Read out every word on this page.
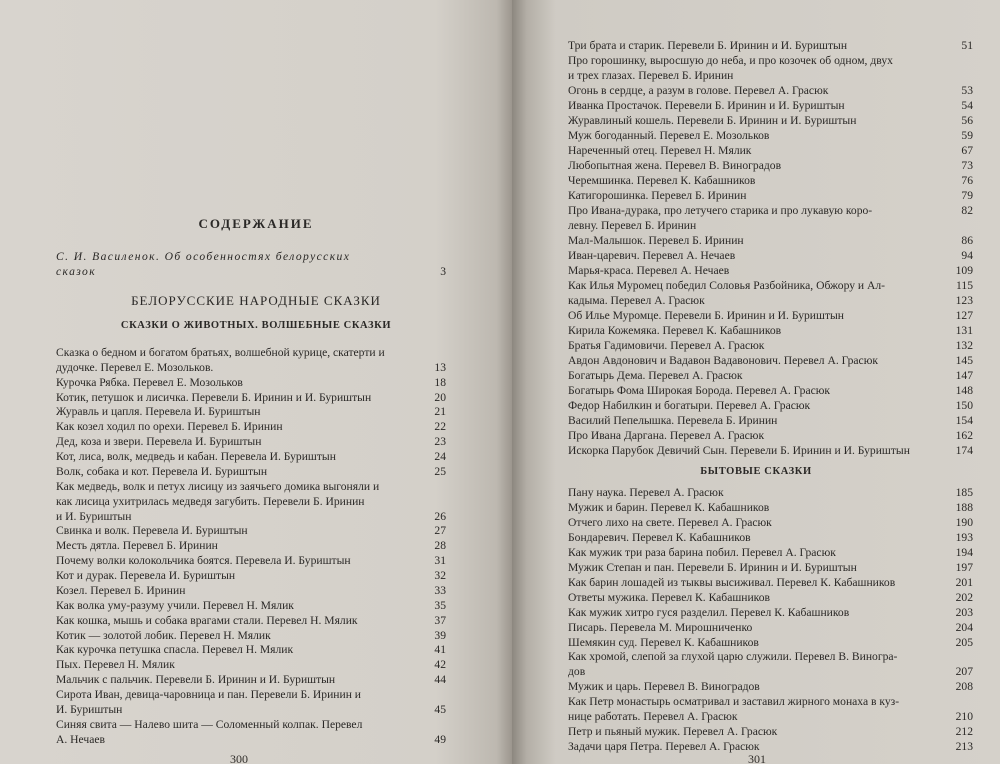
СОДЕРЖАНИЕ
С. И. Василенок. Об особенностях белорусских
сказок	3
БЕЛОРУССКИЕ НАРОДНЫЕ СКАЗКИ
СКАЗКИ О ЖИВОТНЫХ. ВОЛШЕБНЫЕ СКАЗКИ
Сказка о бедном и богатом братьях, волшебной курице, скатерти и
дудочке. Перевел Е. Мозольков.	13
Курочка Рябка. Перевел Е. Мозольков	18
Котик, петушок и лисичка. Перевели Б. Иринин и И. Буриштын	20
Журавль и цапля. Перевела И. Буриштын	21
Как козел ходил по орехи. Перевел Б. Иринин	22
Дед, коза и звери. Перевела И. Буриштын	23
Кот, лиса, волк, медведь и кабан. Перевела И. Буриштын	24
Волк, собака и кот. Перевела И. Буриштын	25
Как медведь, волк и петух лисицу из заячьего домика выгоняли и
как лисица ухитрилась медведя загубить. Перевели Б. Иринин
и И. Буриштын	26
Свинка и волк. Перевела И. Буриштын	27
Месть дятла. Перевел Б. Иринин	28
Почему волки колокольчика боятся. Перевела И. Буриштын	31
Кот и дурак. Перевела И. Буриштын	32
Козел. Перевел Б. Иринин	33
Как волка уму-разуму учили. Перевел Н. Мялик	35
Как кошка, мышь и собака врагами стали. Перевел Н. Мялик	37
Котик — золотой лобик. Перевел Н. Мялик	39
Как курочка петушка спасла. Перевел Н. Мялик	41
Пых. Перевел Н. Мялик	42
Мальчик с пальчик. Перевели Б. Иринин и И. Буриштын	44
Сирота Иван, девица-чаровница и пан. Перевели Б. Иринин и
И. Буриштын	45
Синяя свита — Налево шита — Соломенный колпак. Перевел
А. Нечаев	49
300
Три брата и старик. Перевели Б. Иринин и И. Буриштын	51
Про горошинку, выросшую до неба, и про козочек об одном, двух
и трех глазах. Перевел Б. Иринин
Огонь в сердце, а разум в голове. Перевел А. Грасюк	53
Иванка Простачок. Перевели Б. Иринин и И. Буриштын	54
Журавлиный кошель. Перевели Б. Иринин и И. Буриштын	56
Муж богоданный. Перевел Е. Мозольков	59
Нареченный отец. Перевел Н. Мялик	67
Любопытная жена. Перевел В. Виноградов	73
Черемшинка. Перевел К. Кабашников	76
Катигорошинка. Перевел Б. Иринин	79
Про Ивана-дурака, про летучего старика и про лукавую коро-	82
левну. Перевел Б. Иринин
Мал-Малышок. Перевел Б. Иринин	86
Иван-царевич. Перевел А. Нечаев	94
Марья-краса. Перевел А. Нечаев	109
Как Илья Муромец победил Соловья Разбойника, Обжору и Ал-	115
кадыма. Перевел А. Грасюк	123
Об Илье Муромце. Перевели Б. Иринин и И. Буриштын	127
Кирила Кожемяка. Перевел К. Кабашников	131
Братья Гадимовичи. Перевел А. Грасюк	132
Авдон Авдонович и Вадавон Вадавонович. Перевел А. Грасюк	145
Богатырь Дема. Перевел А. Грасюк	147
Богатырь Фома Широкая Борода. Перевел А. Грасюк	148
Федор Набилкин и богатыри. Перевел А. Грасюк	150
Василий Пепелышка. Перевела Б. Иринин	154
Про Ивана Даргана. Перевел А. Грасюк	162
Искорка Парубок Девичий Сын. Перевели Б. Иринин и И. Буриштын	174
БЫТОВЫЕ СКАЗКИ
Пану наука. Перевел А. Грасюк	185
Мужик и барин. Перевел К. Кабашников	188
Отчего лихо на свете. Перевел А. Грасюк	190
Бондаревич. Перевел К. Кабашников	193
Как мужик три раза барина побил. Перевел А. Грасюк	194
Мужик Степан и пан. Перевели Б. Иринин и И. Буриштын	197
Как барин лошадей из тыквы высиживал. Перевел К. Кабашников	201
Ответы мужика. Перевел К. Кабашников	202
Как мужик хитро гуся разделил. Перевел К. Кабашников	203
Писарь. Перевела М. Мирошниченко	204
Шемякин суд. Перевел К. Кабашников	205
Как хромой, слепой за глухой царю служили. Перевел В. Виногра-
дов	207
Мужик и царь. Перевел В. Виноградов	208
Как Петр монастырь осматривал и заставил жирного монаха в куз-
нице работать. Перевел А. Грасюк	210
Петр и пьяный мужик. Перевел А. Грасюк	212
Задачи царя Петра. Перевел А. Грасюк	213
301
